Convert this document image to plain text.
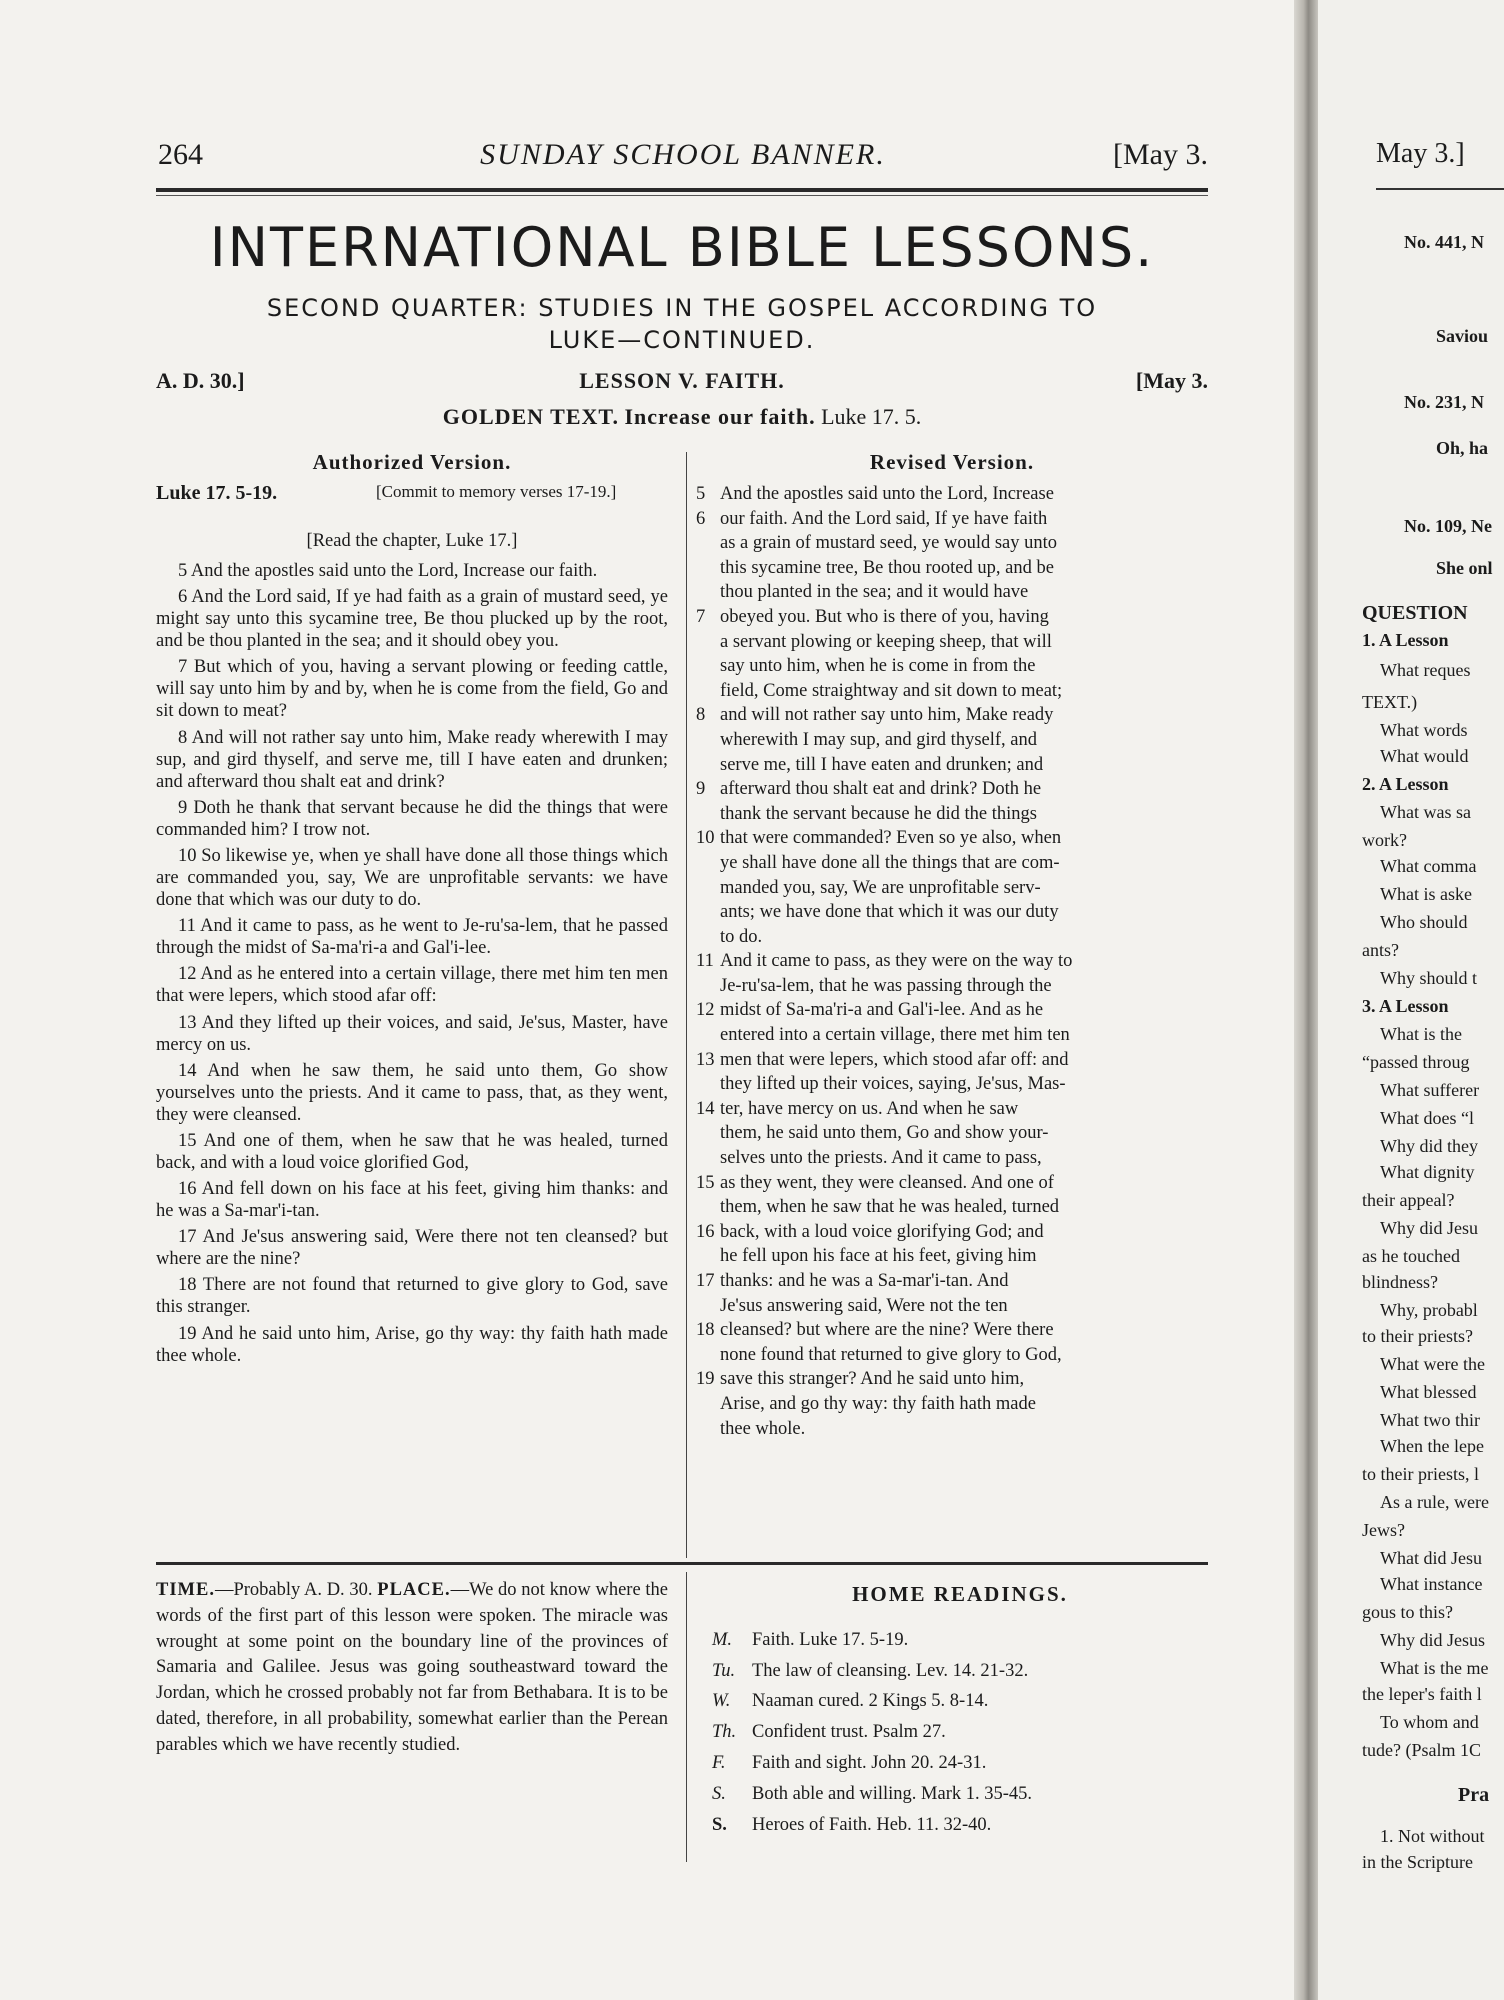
264	SUNDAY SCHOOL BANNER.	[May 3.
INTERNATIONAL BIBLE LESSONS.
SECOND QUARTER: STUDIES IN THE GOSPEL ACCORDING TO
LUKE—CONTINUED.
A. D. 30.]	LESSON V. FAITH.	[May 3.
GOLDEN TEXT. Increase our faith. Luke 17. 5.
Authorized Version.	Revised Version.
Luke 17. 5-19.	[Commit to memory verses 17-19.]
[Read the chapter, Luke 17.]
5 And the apostles said unto the Lord, Increase our faith.
6 And the Lord said, If ye had faith as a grain of mustard seed, ye might say unto this sycamine tree, Be thou plucked up by the root, and be thou planted in the sea; and it should obey you.
7 But which of you, having a servant plowing or feeding cattle, will say unto him by and by, when he is come from the field, Go and sit down to meat?
8 And will not rather say unto him, Make ready wherewith I may sup, and gird thyself, and serve me, till I have eaten and drunken; and afterward thou shalt eat and drink?
9 Doth he thank that servant because he did the things that were commanded him? I trow not.
10 So likewise ye, when ye shall have done all those things which are commanded you, say, We are unprofitable servants: we have done that which was our duty to do.
11 And it came to pass, as he went to Je-ru'sa-lem, that he passed through the midst of Sa-ma'ri-a and Gal'i-lee.
12 And as he entered into a certain village, there met him ten men that were lepers, which stood afar off:
13 And they lifted up their voices, and said, Je'sus, Master, have mercy on us.
14 And when he saw them, he said unto them, Go show yourselves unto the priests. And it came to pass, that, as they went, they were cleansed.
15 And one of them, when he saw that he was healed, turned back, and with a loud voice glorified God,
16 And fell down on his face at his feet, giving him thanks: and he was a Sa-mar'i-tan.
17 And Je'sus answering said, Were there not ten cleansed? but where are the nine?
18 There are not found that returned to give glory to God, save this stranger.
19 And he said unto him, Arise, go thy way: thy faith hath made thee whole.
5 And the apostles said unto the Lord, Increase
6 our faith. And the Lord said, If ye have faith
as a grain of mustard seed, ye would say unto
this sycamine tree, Be thou rooted up, and be
thou planted in the sea; and it would have
7 obeyed you. But who is there of you, having
a servant plowing or keeping sheep, that will
say unto him, when he is come in from the
field, Come straightway and sit down to meat;
8 and will not rather say unto him, Make ready
wherewith I may sup, and gird thyself, and
serve me, till I have eaten and drunken; and
9 afterward thou shalt eat and drink? Doth he
thank the servant because he did the things
10 that were commanded? Even so ye also, when
ye shall have done all the things that are com-
manded you, say, We are unprofitable serv-
ants; we have done that which it was our duty
to do.
11 And it came to pass, as they were on the way to
Je-ru'sa-lem, that he was passing through the
12 midst of Sa-ma'ri-a and Gal'i-lee. And as he
entered into a certain village, there met him ten
13 men that were lepers, which stood afar off: and
they lifted up their voices, saying, Je'sus, Mas-
14 ter, have mercy on us. And when he saw
them, he said unto them, Go and show your-
selves unto the priests. And it came to pass,
15 as they went, they were cleansed. And one of
them, when he saw that he was healed, turned
16 back, with a loud voice glorifying God; and
he fell upon his face at his feet, giving him
17 thanks: and he was a Sa-mar'i-tan. And
Je'sus answering said, Were not the ten
18 cleansed? but where are the nine? Were there
none found that returned to give glory to God,
19 save this stranger? And he said unto him,
Arise, and go thy way: thy faith hath made
thee whole.
TIME.—Probably A. D. 30. PLACE.—We do not know where the words of the first part of this lesson were spoken. The miracle was wrought at some point on the boundary line of the provinces of Samaria and Galilee. Jesus was going southeastward toward the Jordan, which he crossed probably not far from Bethabara. It is to be dated, therefore, in all probability, somewhat earlier than the Perean parables which we have recently studied.
HOME READINGS.
M.	Faith. Luke 17. 5-19.
Tu. The law of cleansing. Lev. 14. 21-32.
W.	Naaman cured. 2 Kings 5. 8-14.
Th. Confident trust. Psalm 27.
F.	Faith and sight. John 20. 24-31.
S.	Both able and willing. Mark 1. 35-45.
S.	Heroes of Faith. Heb. 11. 32-40.
May 3.]
No. 441, N
Saviou
No. 231, N
Oh, ha
No. 109, Ne
She onl
QUESTION
1. A Lesson
What reques
TEXT.)
What words
What would
2. A Lesson
What was sa
work?
What comma
What is aske
Who should
ants?
Why should t
3. A Lesson
What is the
“passed throug
What sufferer
What does “l
Why did they
What dignity
their appeal?
Why did Jesu
as he touched
blindness?
Why, probabl
to their priests?
What were the
What blessed
What two thir
When the lepe
to their priests, l
As a rule, were
Jews?
What did Jesu
What instance
gous to this?
Why did Jesus
What is the me
the leper's faith l
To whom and
tude? (Psalm 1C
Pra
1. Not without
in the Scripture
